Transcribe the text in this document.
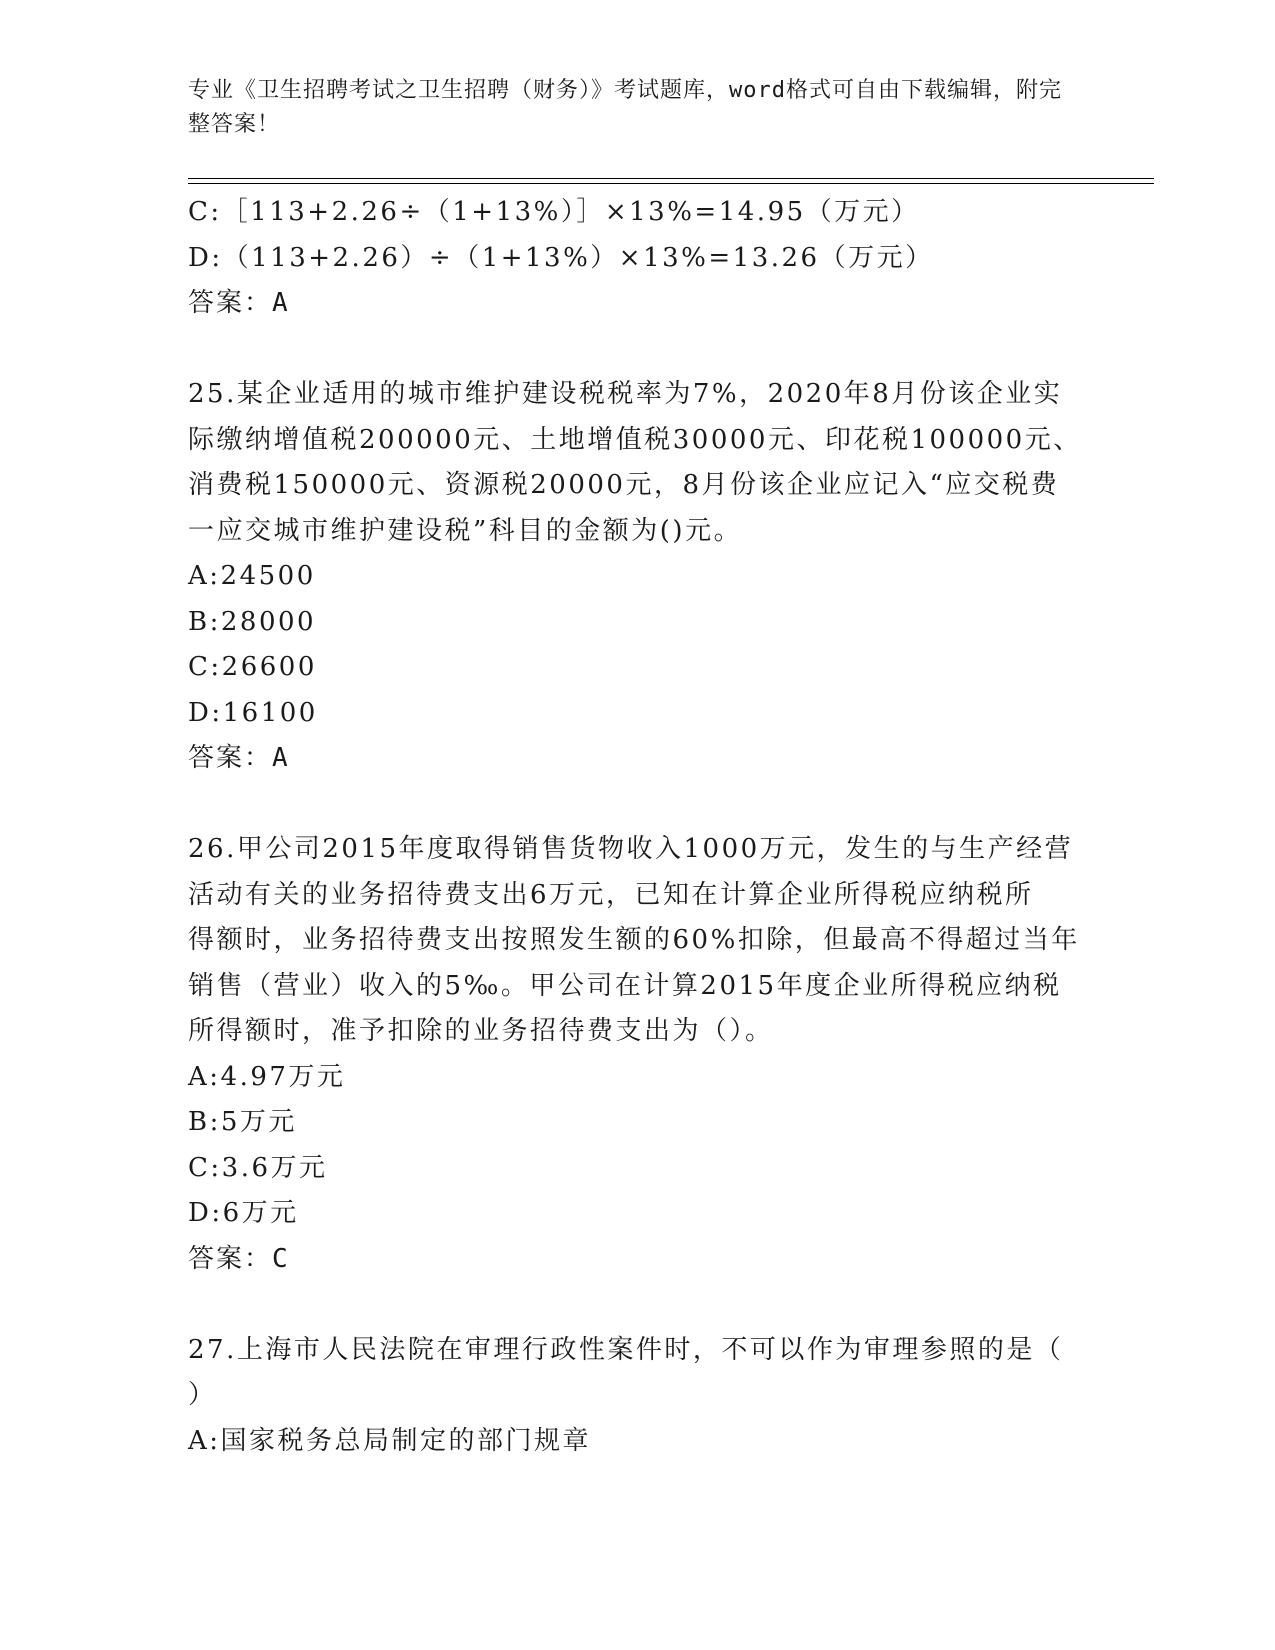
专业《卫生招聘考试之卫生招聘（财务）》考试题库，word格式可自由下载编辑，附完整答案！
C:［113+2.26÷（1+13%）］×13%=14.95（万元）
D:（113+2.26）÷（1+13%）×13%=13.26（万元）
答案：A
25.某企业适用的城市维护建设税税率为7%，2020年8月份该企业实
际缴纳增值税200000元、土地增值税30000元、印花税100000元、
消费税150000元、资源税20000元，8月份该企业应记入“应交税费
一应交城市维护建设税”科目的金额为()元。
A:24500
B:28000
C:26600
D:16100
答案：A
26.甲公司2015年度取得销售货物收入1000万元，发生的与生产经营
活动有关的业务招待费支出6万元，已知在计算企业所得税应纳税所
得额时，业务招待费支出按照发生额的60%扣除，但最高不得超过当年
销售（营业）收入的5‰。甲公司在计算2015年度企业所得税应纳税
所得额时，准予扣除的业务招待费支出为（）。
A:4.97万元
B:5万元
C:3.6万元
D:6万元
答案：C
27.上海市人民法院在审理行政性案件时，不可以作为审理参照的是（
）
A:国家税务总局制定的部门规章
